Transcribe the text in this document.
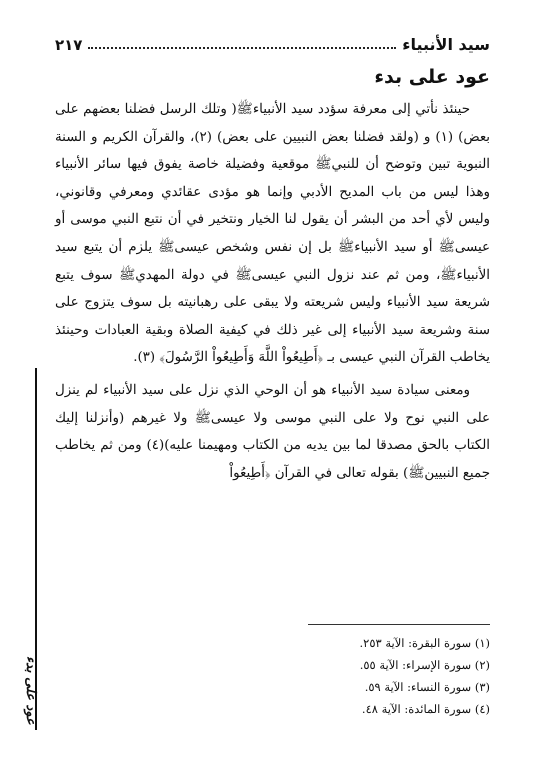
سيد الأنبياء
٢١٧
عود على بدء

حينئذ نأتي إلى معرفة سؤدد سيد الأنبياءﷺ( وتلك الرسل فضلنا بعضهم على بعض) (١) و (ولقد فضلنا بعض النبيين على بعض) (٢)، والقرآن الكريم و السنة النبوية تبين وتوضح أن للنبيﷺ موقعية وفضيلة خاصة يفوق فيها سائر الأنبياء وهذا ليس من باب المديح الأدبي وإنما هو مؤدى عقائدي ومعرفي وقانوني، وليس لأي أحد من البشر أن يقول لنا الخيار ونتخير في أن نتبع النبي موسى أو عيسىﷺ أو سيد الأنبياءﷺ بل إن نفس وشخص عيسىﷺ يلزم أن يتبع سيد الأنبياءﷺ، ومن ثم عند نزول النبي عيسىﷺ في دولة المهديﷺ سوف يتبع شريعة سيد الأنبياء وليس شريعته ولا يبقى على رهبانيته بل سوف يتزوج على سنة وشريعة سيد الأنبياء إلى غير ذلك في كيفية الصلاة وبقية العبادات وحينئذ يخاطب القرآن النبي عيسى بـ ﴿أَطِيعُواْ اللَّهَ وَأَطِيعُواْ الرَّسُولَ﴾ (٣).

ومعنى سيادة سيد الأنبياء هو أن الوحي الذي نزل على سيد الأنبياء لم ينزل على النبي نوح ولا على النبي موسى ولا عيسىﷺ ولا غيرهم (وأنزلنا إليك الكتاب بالحق مصدقا لما بين يديه من الكتاب ومهيمنا عليه)(٤) ومن ثم يخاطب جميع النبيينﷺ) بقوله تعالى في القرآن ﴿أَطِيعُواْ

(١) سورة البقرة: الآية ٢٥٣.
(٢) سورة الإسراء: الآية ٥٥.
(٣) سورة النساء: الآية ٥٩.
(٤) سورة المائدة: الآية ٤٨.
عود على بدء
